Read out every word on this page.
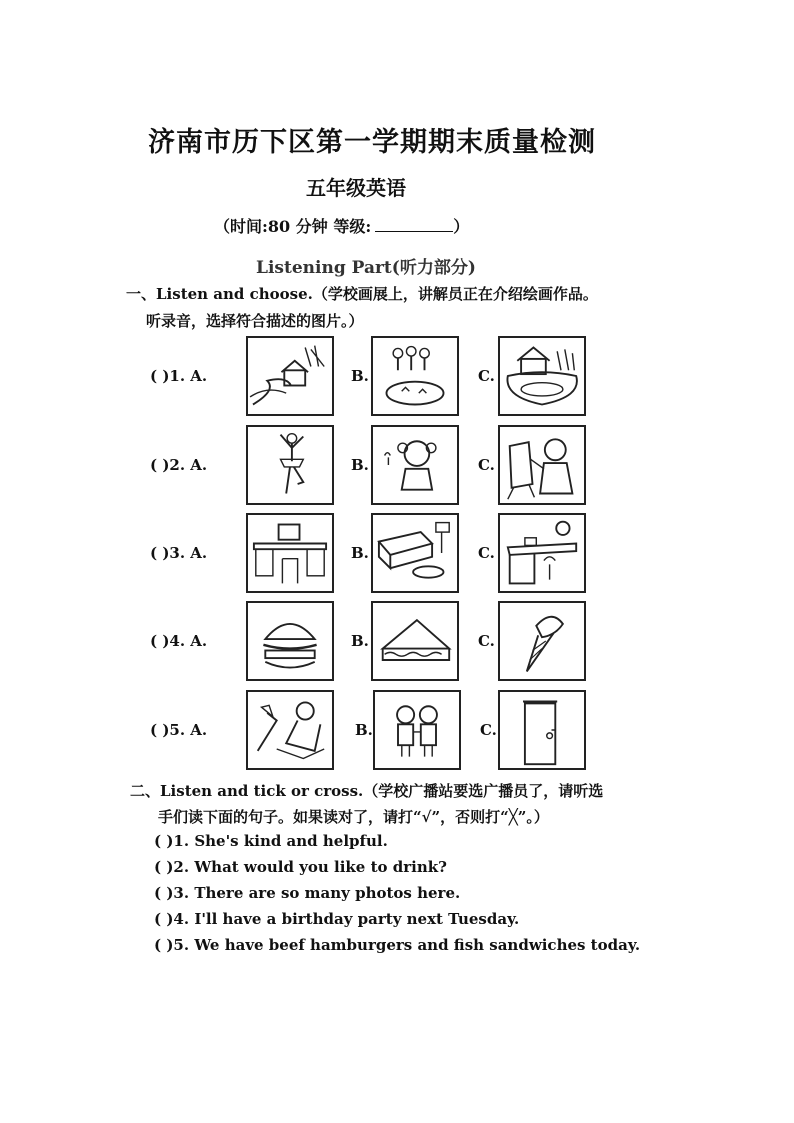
济南市历下区第一学期期末质量检测
五年级英语
（时间:80 分钟 等级:	）
Listening Part(听力部分)
一、Listen and choose.（学校画展上，讲解员正在介绍绘画作品。
听录音，选择符合描述的图片。）
( )1. A.	B.	C.
( )2. A.	B.	C.
( )3. A.	B.	C.
( )4. A.	B.	C.
( )5. A.	B.	C.
二、Listen and tick or cross.（学校广播站要选广播员了，请听选
手们读下面的句子。如果读对了，请打“√”，否则打“╳”。）
( )1. She's kind and helpful.
( )2. What would you like to drink?
( )3. There are so many photos here.
( )4. I'll have a birthday party next Tuesday.
( )5. We have beef hamburgers and fish sandwiches today.
